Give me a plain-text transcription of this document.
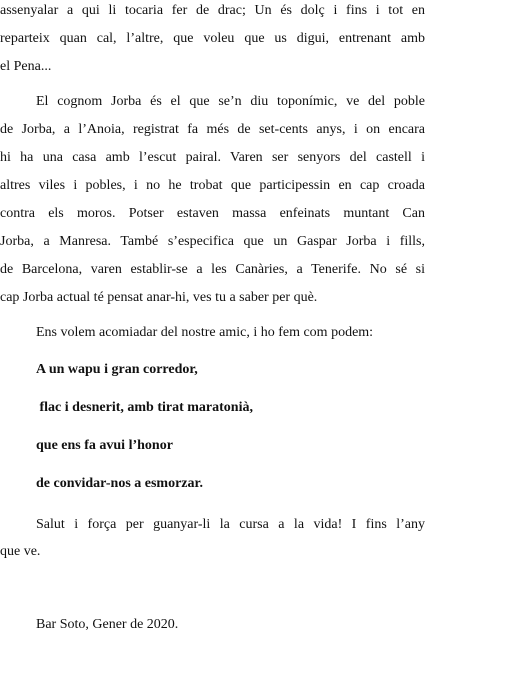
assenyalar a qui li tocaria fer de drac; Un és dolç i fins i tot en
reparteix quan cal, l’altre, que voleu que us digui, entrenant amb
el Pena...
El cognom Jorba és el que se’n diu toponímic, ve del poble
de Jorba, a l’Anoia, registrat fa més de set-cents anys, i on encara
hi ha una casa amb l’escut pairal. Varen ser senyors del castell i
altres viles i pobles, i no he trobat que participessin en cap croada
contra els moros. Potser estaven massa enfeinats muntant Can
Jorba, a Manresa. També s’especifica que un Gaspar Jorba i fills,
de Barcelona, varen establir-se a les Canàries, a Tenerife. No sé si
cap Jorba actual té pensat anar-hi, ves tu a saber per què.
Ens volem acomiadar del nostre amic, i ho fem com podem:
A un wapu i gran corredor,
flac i desnerit, amb tirat maratonià,
que ens fa avui l’honor
de convidar-nos a esmorzar.
Salut i força per guanyar-li la cursa a la vida! I fins l’any
que ve.
Bar Soto, Gener de 2020.
